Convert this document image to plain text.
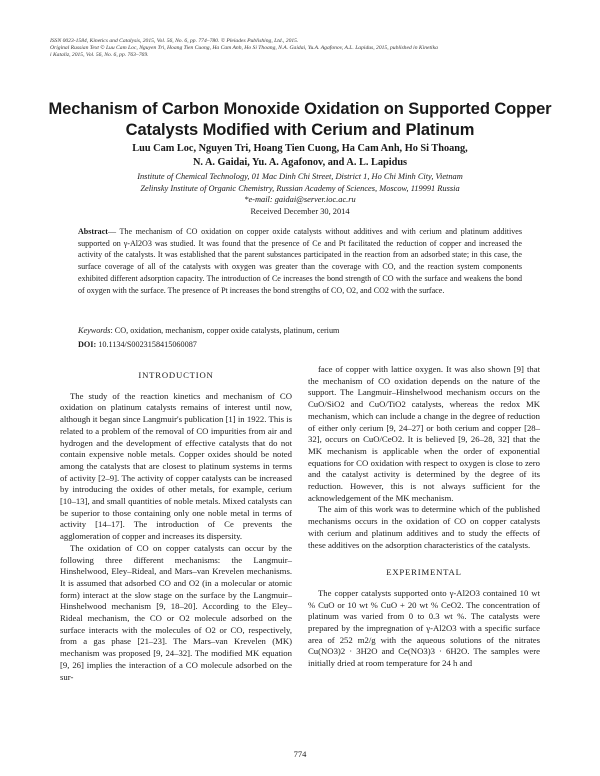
ISSN 0023-1584, Kinetics and Catalysis, 2015, Vol. 56, No. 6, pp. 774–780. © Pleiades Publishing, Ltd., 2015.
Original Russian Text © Luu Cam Loc, Nguyen Tri, Hoang Tien Cuong, Ha Cam Anh, Ho Si Thoang, N.A. Gaidai, Yu.A. Agafonov, A.L. Lapidus, 2015, published in Kinetika
i Kataliz, 2015, Vol. 56, No. 6, pp. 763–769.
Mechanism of Carbon Monoxide Oxidation on Supported Copper Catalysts Modified with Cerium and Platinum
Luu Cam Loc, Nguyen Tri, Hoang Tien Cuong, Ha Cam Anh, Ho Si Thoang,
N. A. Gaidai, Yu. A. Agafonov, and A. L. Lapidus
Institute of Chemical Technology, 01 Mac Dinh Chi Street, District 1, Ho Chi Minh City, Vietnam
Zelinsky Institute of Organic Chemistry, Russian Academy of Sciences, Moscow, 119991 Russia
*e-mail: gaidai@server.ioc.ac.ru
Received December 30, 2014
Abstract— The mechanism of CO oxidation on copper oxide catalysts without additives and with cerium and platinum additives supported on γ-Al2O3 was studied. It was found that the presence of Ce and Pt facilitated the reduction of copper and increased the activity of the catalysts. It was established that the parent substances participated in the reaction from an adsorbed state; in this case, the surface coverage of all of the catalysts with oxygen was greater than the coverage with CO, and the reaction system components exhibited different adsorption capacity. The introduction of Ce increases the bond strength of CO with the surface and weakens the bond of oxygen with the surface. The presence of Pt increases the bond strengths of CO, O2, and CO2 with the surface.
Keywords: CO, oxidation, mechanism, copper oxide catalysts, platinum, cerium
DOI: 10.1134/S0023158415060087
INTRODUCTION

The study of the reaction kinetics and mechanism of CO oxidation on platinum catalysts remains of interest until now, although it began since Langmuir's publication [1] in 1922. This is related to a problem of the removal of CO impurities from air and hydrogen and the development of effective catalysts that do not contain expensive noble metals. Copper oxides should be noted among the catalysts that are closest to platinum systems in terms of activity [2–9]. The activity of copper catalysts can be increased by introducing the oxides of other metals, for example, cerium [10–13], and small quantities of noble metals. Mixed catalysts can be superior to those containing only one noble metal in terms of activity [14–17]. The introduction of Ce prevents the agglomeration of copper and increases its dispersity.

The oxidation of CO on copper catalysts can occur by the following three different mechanisms: the Langmuir–Hinshelwood, Eley–Rideal, and Mars–van Krevelen mechanisms. It is assumed that adsorbed CO and O2 (in a molecular or atomic form) interact at the slow stage on the surface by the Langmuir–Hinshelwood mechanism [9, 18–20]. According to the Eley–Rideal mechanism, the CO or O2 molecule adsorbed on the surface interacts with the molecules of O2 or CO, respectively, from a gas phase [21–23]. The Mars–van Krevelen (MK) mechanism was proposed [9, 24–32]. The modified MK equation [9, 26] implies the interaction of a CO molecule adsorbed on the sur-

face of copper with lattice oxygen. It was also shown [9] that the mechanism of CO oxidation depends on the nature of the support. The Langmuir–Hinshelwood mechanism occurs on the CuO/SiO2 and CuO/TiO2 catalysts, whereas the redox MK mechanism, which can include a change in the degree of reduction of either only cerium [9, 24–27] or both cerium and copper [28–32], occurs on CuO/CeO2. It is believed [9, 26–28, 32] that the MK mechanism is applicable when the order of exponential equations for CO oxidation with respect to oxygen is close to zero and the catalyst activity is determined by the degree of its reduction. However, this is not always sufficient for the acknowledgement of the MK mechanism.

The aim of this work was to determine which of the published mechanisms occurs in the oxidation of CO on copper catalysts with cerium and platinum additives and to study the effects of these additives on the adsorption characteristics of the catalysts.

EXPERIMENTAL

The copper catalysts supported onto γ-Al2O3 contained 10 wt % CuO or 10 wt % CuO + 20 wt % CeO2. The concentration of platinum was varied from 0 to 0.3 wt %. The catalysts were prepared by the impregnation of γ-Al2O3 with a specific surface area of 252 m2/g with the aqueous solutions of the nitrates Cu(NO3)2 · 3H2O and Ce(NO3)3 · 6H2O. The samples were initially dried at room temperature for 24 h and

774
